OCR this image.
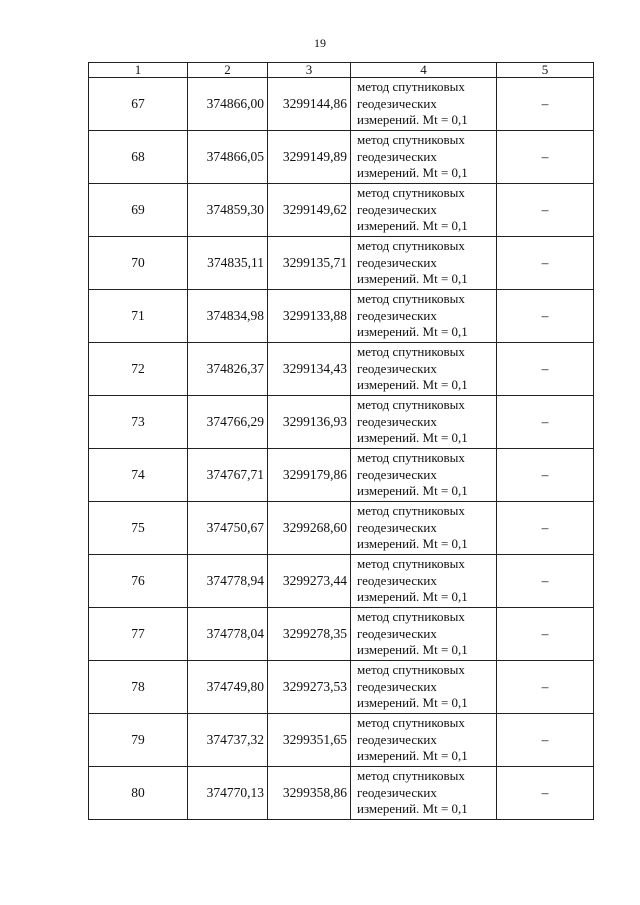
19
1	2	3	4	5
67	374866,00	3299144,86	метод спутниковых
геодезических
измерений. Mt = 0,1	–
68	374866,05	3299149,89	метод спутниковых
геодезических
измерений. Mt = 0,1	–
69	374859,30	3299149,62	метод спутниковых
геодезических
измерений. Mt = 0,1	–
70	374835,11	3299135,71	метод спутниковых
геодезических
измерений. Mt = 0,1	–
71	374834,98	3299133,88	метод спутниковых
геодезических
измерений. Mt = 0,1	–
72	374826,37	3299134,43	метод спутниковых
геодезических
измерений. Mt = 0,1	–
73	374766,29	3299136,93	метод спутниковых
геодезических
измерений. Mt = 0,1	–
74	374767,71	3299179,86	метод спутниковых
геодезических
измерений. Mt = 0,1	–
75	374750,67	3299268,60	метод спутниковых
геодезических
измерений. Mt = 0,1	–
76	374778,94	3299273,44	метод спутниковых
геодезических
измерений. Mt = 0,1	–
77	374778,04	3299278,35	метод спутниковых
геодезических
измерений. Mt = 0,1	–
78	374749,80	3299273,53	метод спутниковых
геодезических
измерений. Mt = 0,1	–
79	374737,32	3299351,65	метод спутниковых
геодезических
измерений. Mt = 0,1	–
80	374770,13	3299358,86	метод спутниковых
геодезических
измерений. Mt = 0,1	–
